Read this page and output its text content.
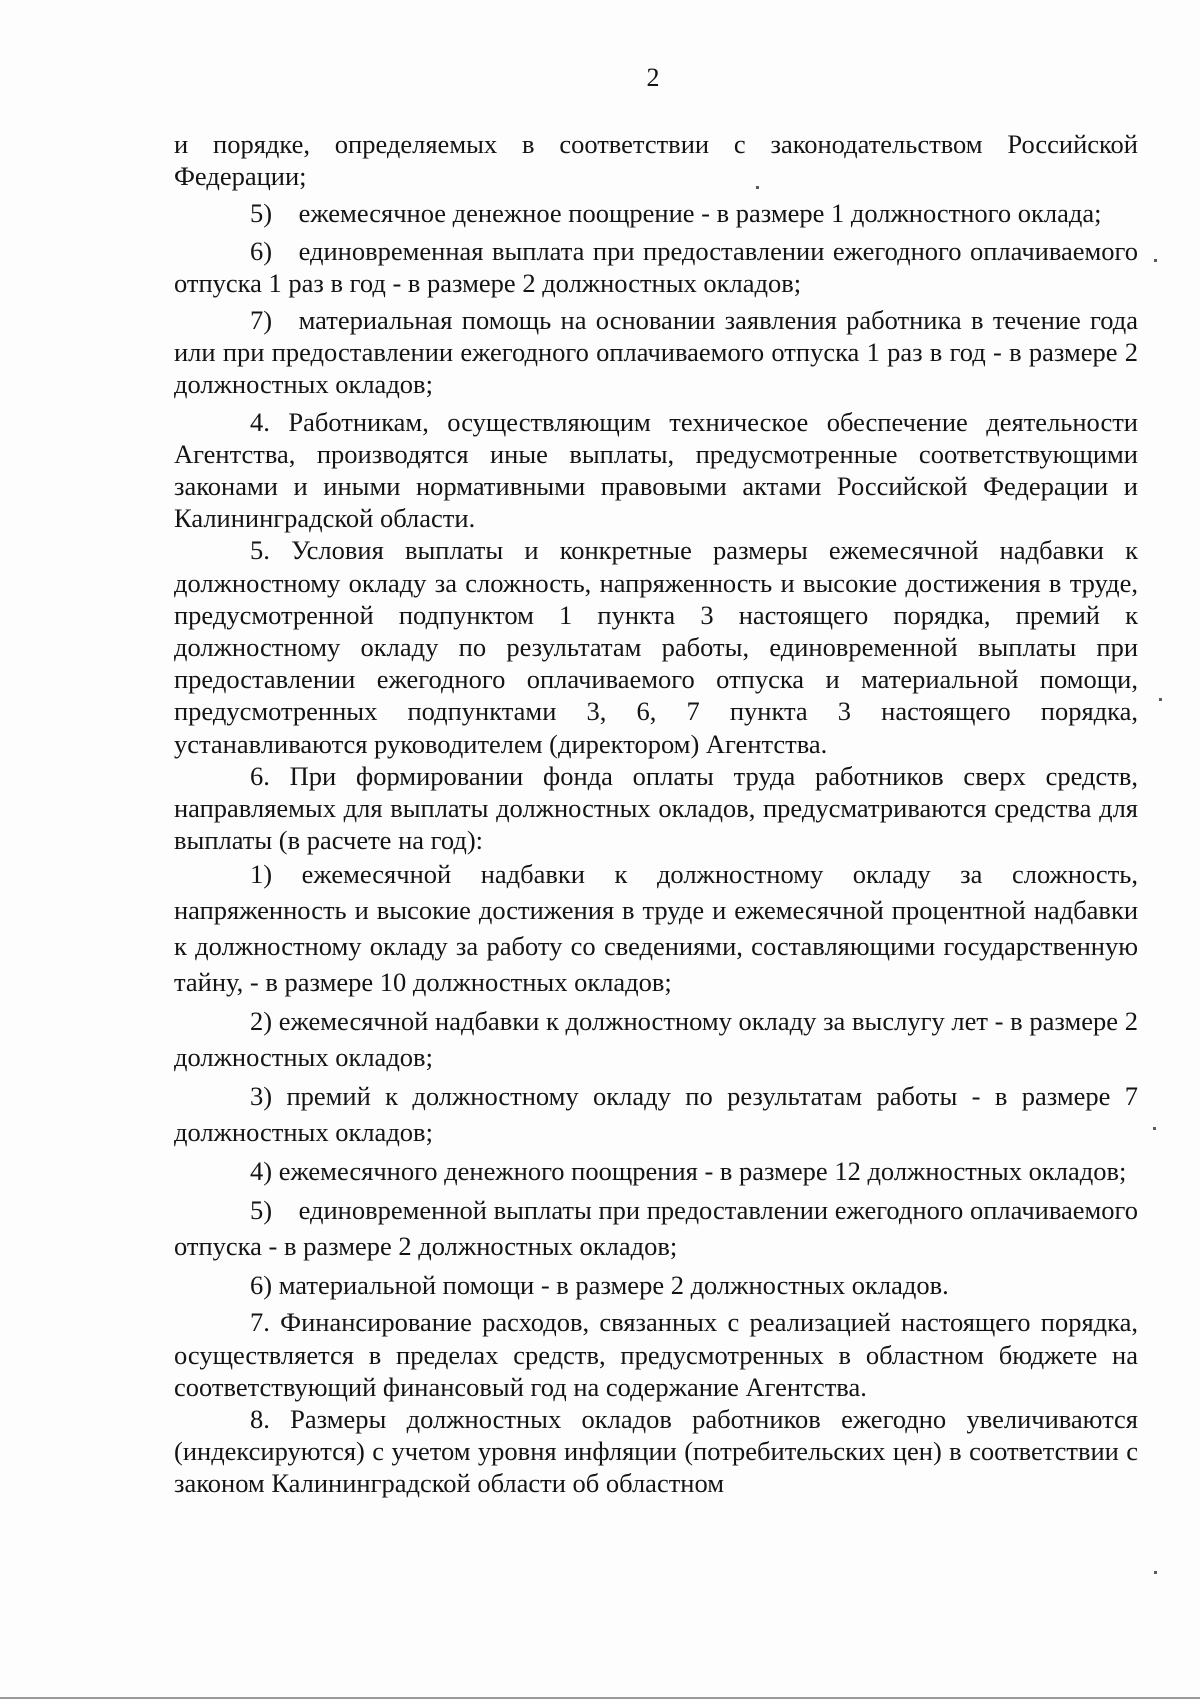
2

и порядке, определяемых в соответствии с законодательством Российской Федерации;

5) ежемесячное денежное поощрение - в размере 1 должностного оклада;

6) единовременная выплата при предоставлении ежегодного оплачиваемого отпуска 1 раз в год - в размере 2 должностных окладов;

7) материальная помощь на основании заявления работника в течение года или при предоставлении ежегодного оплачиваемого отпуска 1 раз в год - в размере 2 должностных окладов;

4. Работникам, осуществляющим техническое обеспечение деятельности Агентства, производятся иные выплаты, предусмотренные соответствующими законами и иными нормативными правовыми актами Российской Федерации и Калининградской области.

5. Условия выплаты и конкретные размеры ежемесячной надбавки к должностному окладу за сложность, напряженность и высокие достижения в труде, предусмотренной подпунктом 1 пункта 3 настоящего порядка, премий к должностному окладу по результатам работы, единовременной выплаты при предоставлении ежегодного оплачиваемого отпуска и материальной помощи, предусмотренных подпунктами 3, 6, 7 пункта 3 настоящего порядка, устанавливаются руководителем (директором) Агентства.

6. При формировании фонда оплаты труда работников сверх средств, направляемых для выплаты должностных окладов, предусматриваются средства для выплаты (в расчете на год):

1) ежемесячной надбавки к должностному окладу за сложность, напряженность и высокие достижения в труде и ежемесячной процентной надбавки к должностному окладу за работу со сведениями, составляющими государственную тайну, - в размере 10 должностных окладов;

2) ежемесячной надбавки к должностному окладу за выслугу лет - в размере 2 должностных окладов;

3) премий к должностному окладу по результатам работы - в размере 7 должностных окладов;

4) ежемесячного денежного поощрения - в размере 12 должностных окладов;

5) единовременной выплаты при предоставлении ежегодного оплачиваемого отпуска - в размере 2 должностных окладов;

6) материальной помощи - в размере 2 должностных окладов.

7. Финансирование расходов, связанных с реализацией настоящего порядка, осуществляется в пределах средств, предусмотренных в областном бюджете на соответствующий финансовый год на содержание Агентства.

8. Размеры должностных окладов работников ежегодно увеличиваются (индексируются) с учетом уровня инфляции (потребительских цен) в соответствии с законом Калининградской области об областном
